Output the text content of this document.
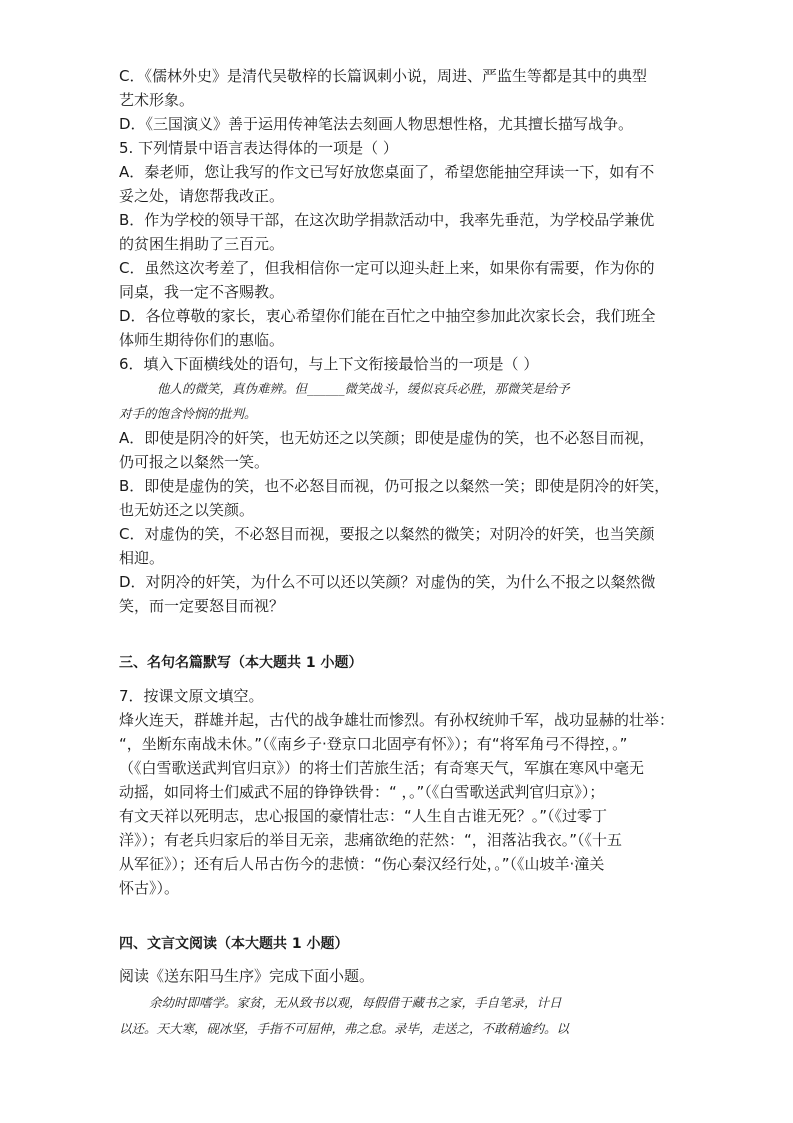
C．《儒林外史》是清代吴敬梓的长篇讽刺小说，周进、严监生等都是其中的典型
艺术形象。
D．《三国演义》善于运用传神笔法去刻画人物思想性格，尤其擅长描写战争。
5. 下列情景中语言表达得体的一项是（ ）
A．秦老师，您让我写的作文已写好放您桌面了，希望您能抽空拜读一下，如有不
妥之处，请您帮我改正。
B．作为学校的领导干部，在这次助学捐款活动中，我率先垂范，为学校品学兼优
的贫困生捐助了三百元。
C．虽然这次考差了，但我相信你一定可以迎头赶上来，如果你有需要，作为你的
同桌，我一定不吝赐教。
D．各位尊敬的家长，衷心希望你们能在百忙之中抽空参加此次家长会，我们班全
体师生期待你们的惠临。
6．填入下面横线处的语句，与上下文衔接最恰当的一项是（ ）
他人的微笑，真伪难辨。但______微笑战斗，缓似哀兵必胜，那微笑是给予
对手的饱含怜悯的批判。
A．即使是阴冷的奸笑，也无妨还之以笑颜；即使是虚伪的笑，也不必怒目而视，
仍可报之以粲然一笑。
B．即使是虚伪的笑，也不必怒目而视，仍可报之以粲然一笑；即使是阴冷的奸笑，
也无妨还之以笑颜。
C．对虚伪的笑，不必怒目而视，要报之以粲然的微笑；对阴冷的奸笑，也当笑颜
相迎。
D．对阴冷的奸笑，为什么不可以还以笑颜？对虚伪的笑，为什么不报之以粲然微
笑，而一定要怒目而视？
三、名句名篇默写（本大题共 1 小题）
7．按课文原文填空。
烽火连天，群雄并起，古代的战争雄壮而惨烈。有孙权统帅千军，战功显赫的壮举：
“，坐断东南战未休。”（《南乡子·登京口北固亭有怀》）；有“将军角弓不得控，。”
（《白雪歌送武判官归京》）的将士们苦旅生活；有奇寒天气，军旗在寒风中毫无
动摇，如同将士们威武不屈的铮铮铁骨：“ ，。”（《白雪歌送武判官归京》）；
有文天祥以死明志，忠心报国的豪情壮志：“人生自古谁无死？。”（《过零丁
洋》）；有老兵归家后的举目无亲，悲痛欲绝的茫然：“，泪落沾我衣。”（《十五
从军征》）；还有后人吊古伤今的悲愤：“伤心秦汉经行处，。”（《山坡羊·潼关
怀古》）。
四、文言文阅读（本大题共 1 小题）
阅读《送东阳马生序》完成下面小题。
余幼时即嗜学。家贫，无从致书以观，每假借于藏书之家，手自笔录，计日
以还。天大寒，砚冰坚，手指不可屈伸，弗之怠。录毕，走送之，不敢稍逾约。以
